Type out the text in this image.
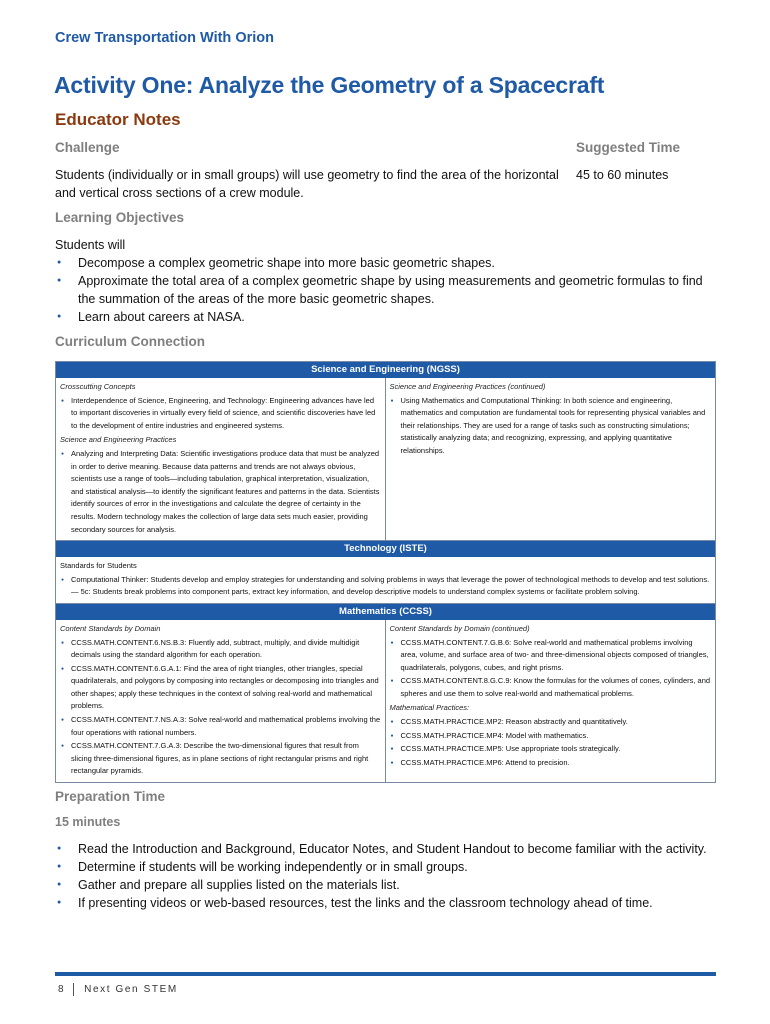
Crew Transportation With Orion
Activity One: Analyze the Geometry of a Spacecraft
Educator Notes
Challenge	Suggested Time
Students (individually or in small groups) will use geometry to find the area of the horizontal and vertical cross sections of a crew module.
45 to 60 minutes
Learning Objectives
Students will
● Decompose a complex geometric shape into more basic geometric shapes.
● Approximate the total area of a complex geometric shape by using measurements and geometric formulas to find the summation of the areas of the more basic geometric shapes.
● Learn about careers at NASA.
Curriculum Connection
Science and Engineering (NGSS)
Crosscutting Concepts
● Interdependence of Science, Engineering, and Technology: Engineering advances have led to important discoveries in virtually every field of science, and scientific discoveries have led to the development of entire industries and engineered systems.
Science and Engineering Practices
● Analyzing and Interpreting Data: Scientific investigations produce data that must be analyzed in order to derive meaning. Because data patterns and trends are not always obvious, scientists use a range of tools—including tabulation, graphical interpretation, visualization, and statistical analysis—to identify the significant features and patterns in the data. Scientists identify sources of error in the investigations and calculate the degree of certainty in the results. Modern technology makes the collection of large data sets much easier, providing secondary sources for analysis.
Science and Engineering Practices (continued)
● Using Mathematics and Computational Thinking: In both science and engineering, mathematics and computation are fundamental tools for representing physical variables and their relationships. They are used for a range of tasks such as constructing simulations; statistically analyzing data; and recognizing, expressing, and applying quantitative relationships.
Technology (ISTE)
Standards for Students
● Computational Thinker: Students develop and employ strategies for understanding and solving problems in ways that leverage the power of technological methods to develop and test solutions.
— 5c: Students break problems into component parts, extract key information, and develop descriptive models to understand complex systems or facilitate problem solving.
Mathematics (CCSS)
Content Standards by Domain
● CCSS.MATH.CONTENT.6.NS.B.3: Fluently add, subtract, multiply, and divide multidigit decimals using the standard algorithm for each operation.
● CCSS.MATH.CONTENT.6.G.A.1: Find the area of right triangles, other triangles, special quadrilaterals, and polygons by composing into rectangles or decomposing into triangles and other shapes; apply these techniques in the context of solving real-world and mathematical problems.
● CCSS.MATH.CONTENT.7.NS.A.3: Solve real-world and mathematical problems involving the four operations with rational numbers.
● CCSS.MATH.CONTENT.7.G.A.3: Describe the two-dimensional figures that result from slicing three-dimensional figures, as in plane sections of right rectangular prisms and right rectangular pyramids.
Content Standards by Domain (continued)
● CCSS.MATH.CONTENT.7.G.B.6: Solve real-world and mathematical problems involving area, volume, and surface area of two- and three-dimensional objects composed of triangles, quadrilaterals, polygons, cubes, and right prisms.
● CCSS.MATH.CONTENT.8.G.C.9: Know the formulas for the volumes of cones, cylinders, and spheres and use them to solve real-world and mathematical problems.
Mathematical Practices:
● CCSS.MATH.PRACTICE.MP2: Reason abstractly and quantitatively.
● CCSS.MATH.PRACTICE.MP4: Model with mathematics.
● CCSS.MATH.PRACTICE.MP5: Use appropriate tools strategically.
● CCSS.MATH.PRACTICE.MP6: Attend to precision.
Preparation Time
15 minutes
● Read the Introduction and Background, Educator Notes, and Student Handout to become familiar with the activity.
● Determine if students will be working independently or in small groups.
● Gather and prepare all supplies listed on the materials list.
● If presenting videos or web-based resources, test the links and the classroom technology ahead of time.
8 Next Gen STEM
